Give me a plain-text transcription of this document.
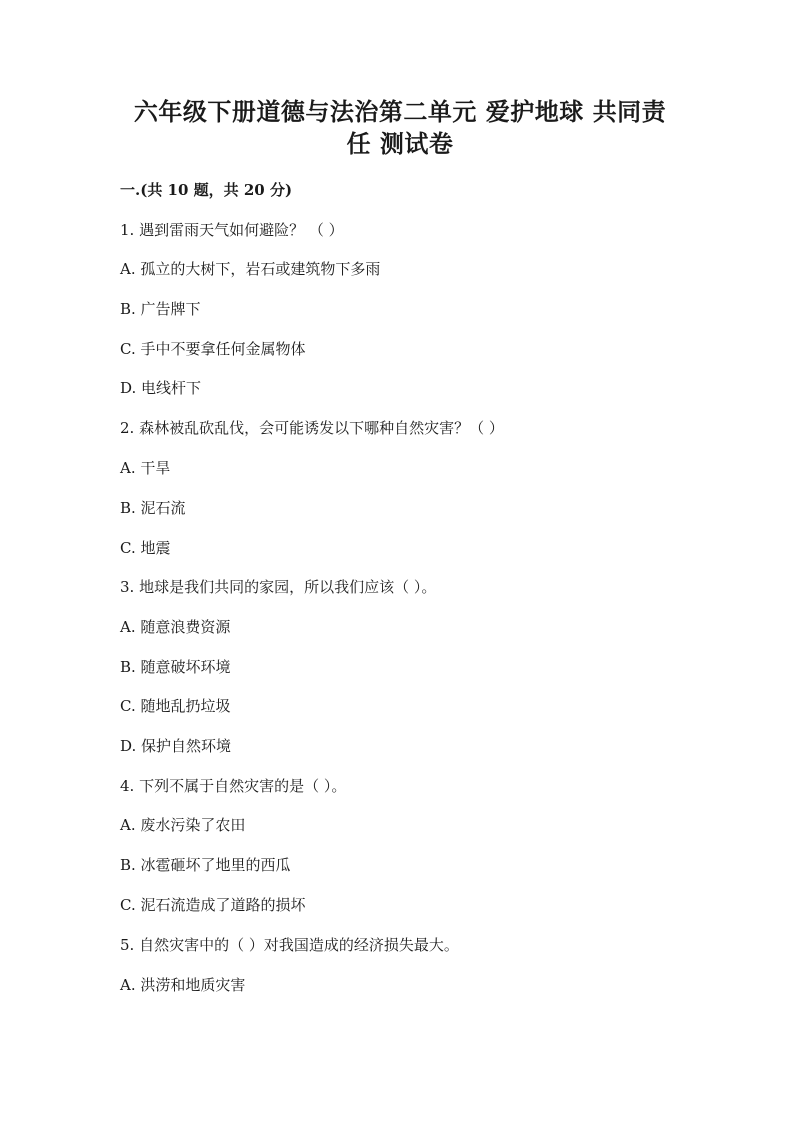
六年级下册道德与法治第二单元 爱护地球 共同责
任 测试卷
一.(共 10 题，共 20 分)
1. 遇到雷雨天气如何避险？ （ ）
A. 孤立的大树下，岩石或建筑物下多雨
B. 广告牌下
C. 手中不要拿任何金属物体
D. 电线杆下
2. 森林被乱砍乱伐，会可能诱发以下哪种自然灾害？（ ）
A. 干旱
B. 泥石流
C. 地震
3. 地球是我们共同的家园，所以我们应该（ ）。
A. 随意浪费资源
B. 随意破坏环境
C. 随地乱扔垃圾
D. 保护自然环境
4. 下列不属于自然灾害的是（ ）。
A. 废水污染了农田
B. 冰雹砸坏了地里的西瓜
C. 泥石流造成了道路的损坏
5. 自然灾害中的（ ）对我国造成的经济损失最大。
A. 洪涝和地质灾害
